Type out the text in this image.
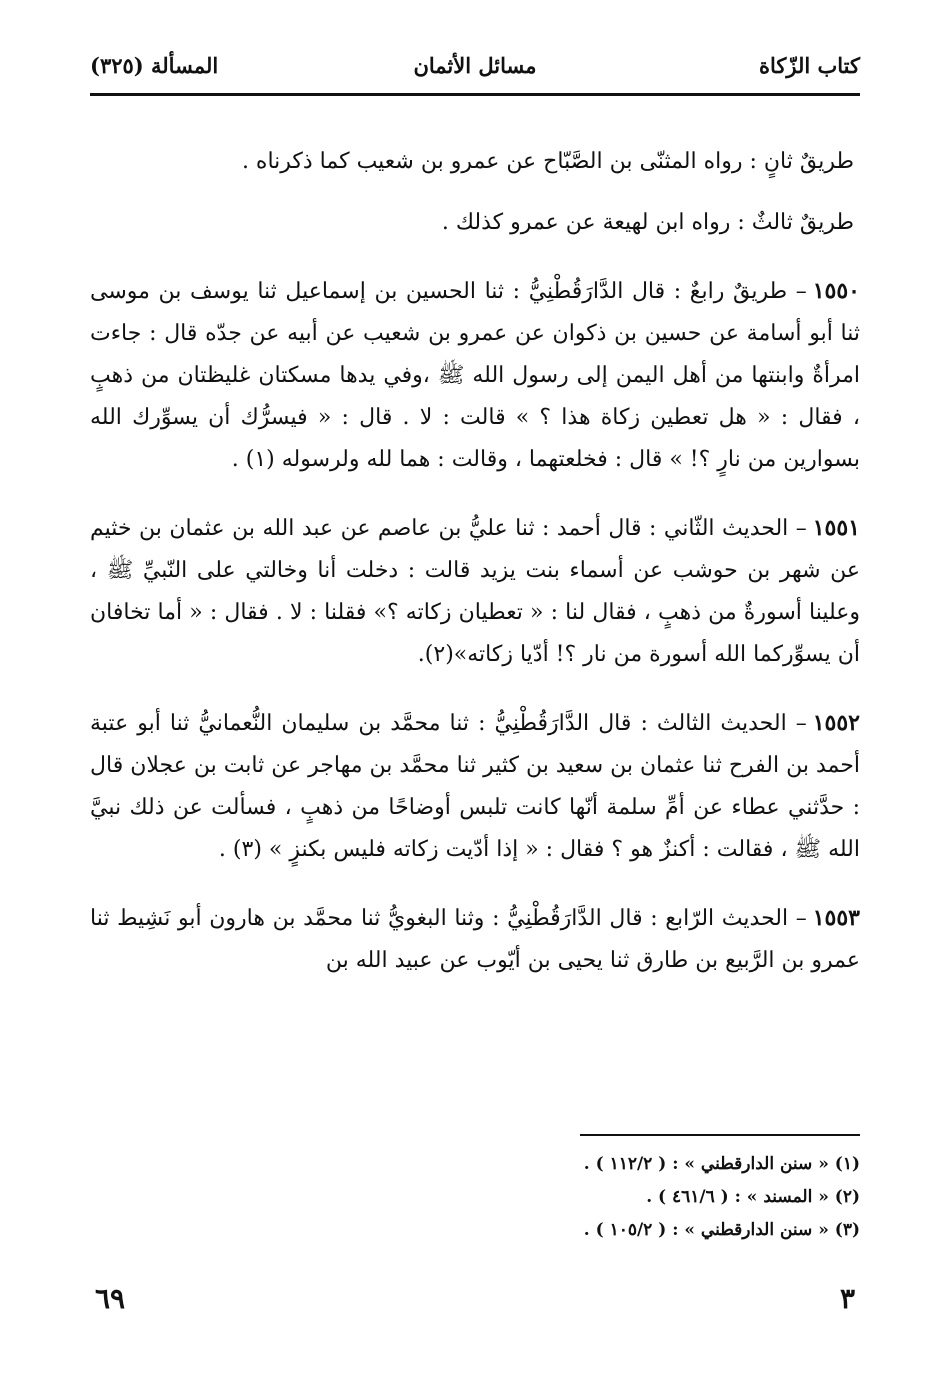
كتاب الزّكاة
مسائل الأثمان
المسألة (٣٢٥)

طريقٌ ثانٍ : رواه المثنّى بن الصَّبّاح عن عمرو بن شعيب كما ذكرناه .

طريقٌ ثالثٌ : رواه ابن لهيعة عن عمرو كذلك .

١٥٥٠– طريقٌ رابعٌ : قال الدَّارَقُطْنِيُّ : ثنا الحسين بن إسماعيل ثنا يوسف بن موسى ثنا أبو أسامة عن حسين بن ذكوان عن عمرو بن شعيب عن أبيه عن جدّه قال : جاءت امرأةٌ وابنتها من أهل اليمن إلى رسول الله ﷺ ،وفي يدها مسكتان غليظتان من ذهبٍ ، فقال : « هل تعطين زكاة هذا ؟ » قالت : لا . قال : « فيسرُّك أن يسوِّرك الله بسوارين من نارٍ ؟! » قال : فخلعتهما ، وقالت : هما لله ولرسوله (١) .

١٥٥١– الحديث الثّاني : قال أحمد : ثنا عليُّ بن عاصم عن عبد الله بن عثمان بن خثيم عن شهر بن حوشب عن أسماء بنت يزيد قالت : دخلت أنا وخالتي على النّبيِّ ﷺ ، وعلينا أسورةٌ من ذهبٍ ، فقال لنا : « تعطيان زكاته ؟» فقلنا : لا . فقال : « أما تخافان أن يسوِّركما الله أسورة من نار ؟! أدّيا زكاته»(٢).

١٥٥٢– الحديث الثالث : قال الدَّارَقُطْنِيُّ : ثنا محمَّد بن سليمان النُّعمانيُّ ثنا أبو عتبة أحمد بن الفرح ثنا عثمان بن سعيد بن كثير ثنا محمَّد بن مهاجر عن ثابت بن عجلان قال : حدَّثني عطاء عن أمِّ سلمة أنّها كانت تلبس أوضاحًا من ذهبٍ ، فسألت عن ذلك نبيَّ الله ﷺ ، فقالت : أكنزٌ هو ؟ فقال : « إذا أدّيت زكاته فليس بكنزٍ » (٣) .

١٥٥٣– الحديث الرّابع : قال الدَّارَقُطْنِيُّ : وثنا البغويُّ ثنا محمَّد بن هارون أبو نَشِيط ثنا عمرو بن الرَّبيع بن طارق ثنا يحيى بن أيّوب عن عبيد الله بن

(١) « سنن الدارقطني » : ( ١١٢/٢ ) .
(٢) « المسند » : ( ٤٦١/٦ ) .
(٣) « سنن الدارقطني » : ( ١٠٥/٢ ) .
٣
٦٩
